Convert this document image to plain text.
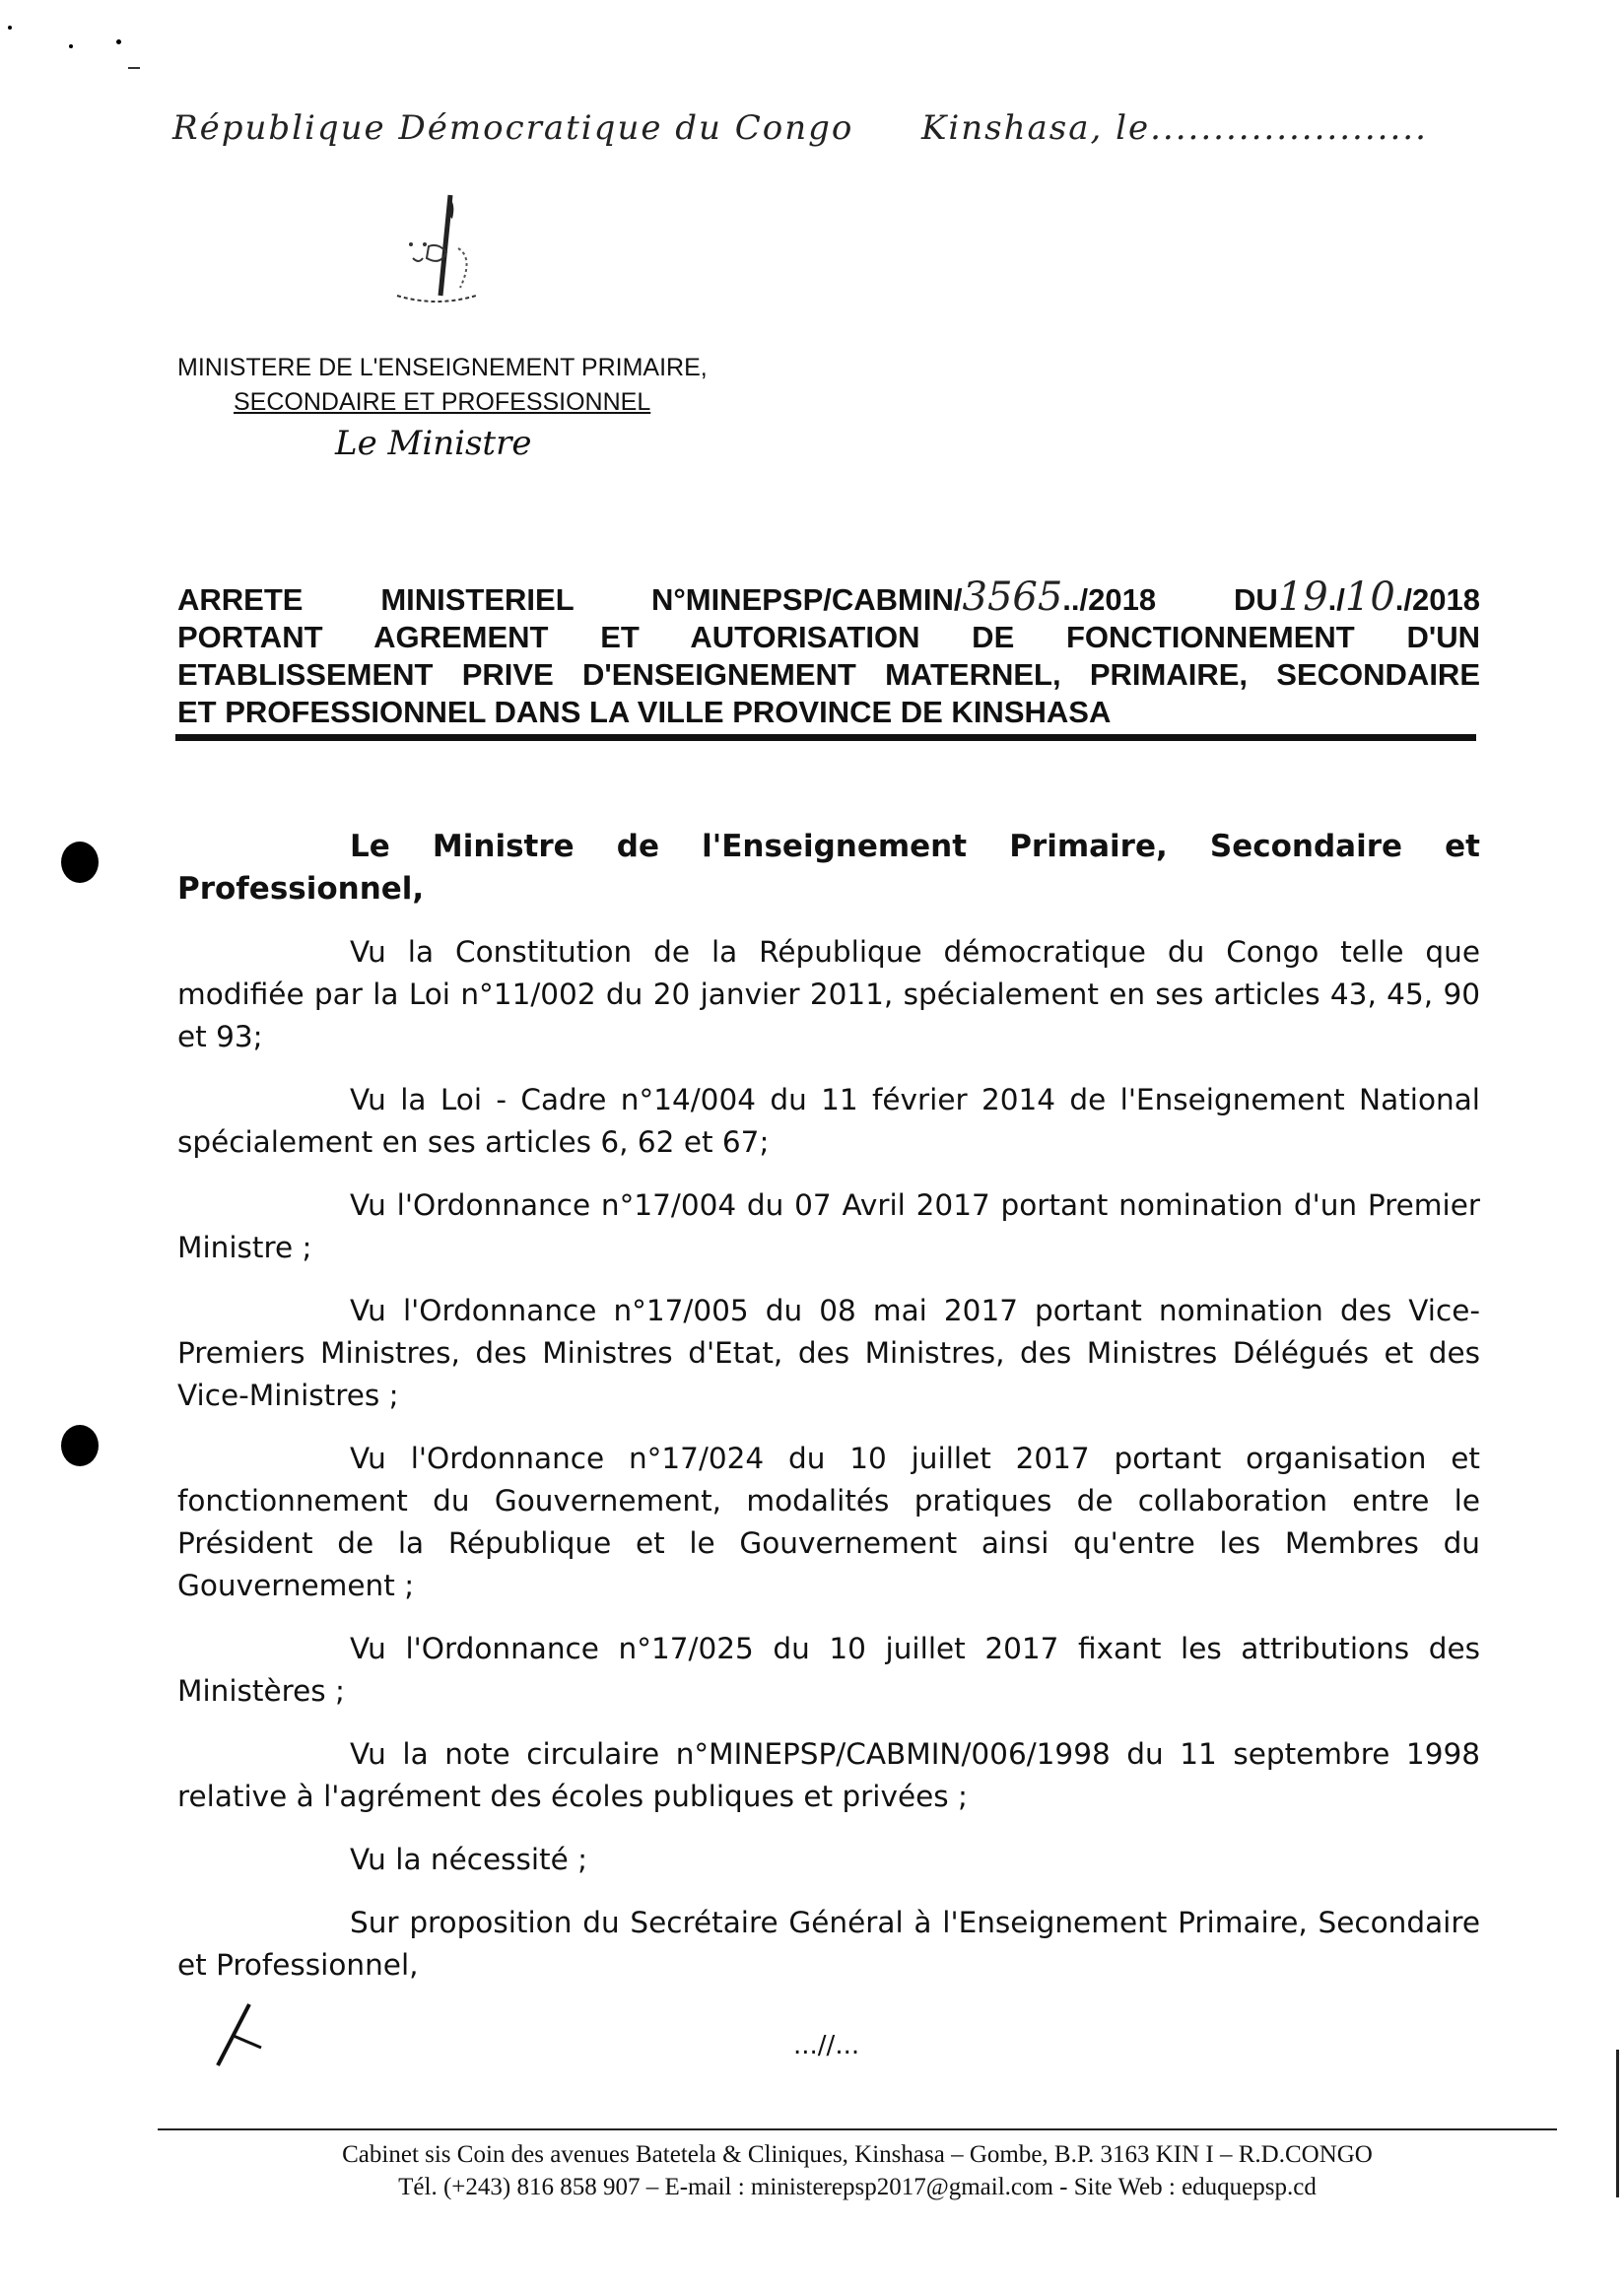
République Démocratique du Congo Kinshasa, le......................
MINISTERE DE L'ENSEIGNEMENT PRIMAIRE,
SECONDAIRE ET PROFESSIONNEL
Le Ministre
ARRETE MINISTERIEL N°MINEPSP/CABMIN/3565../2018 DU19./10./2018
PORTANT AGREMENT ET AUTORISATION DE FONCTIONNEMENT D'UN
ETABLISSEMENT PRIVE D'ENSEIGNEMENT MATERNEL, PRIMAIRE, SECONDAIRE
ET PROFESSIONNEL DANS LA VILLE PROVINCE DE KINSHASA

Le Ministre de l'Enseignement Primaire, Secondaire et Professionnel,

Vu la Constitution de la République démocratique du Congo telle que modifiée par la Loi n°11/002 du 20 janvier 2011, spécialement en ses articles 43, 45, 90 et 93;

Vu la Loi - Cadre n°14/004 du 11 février 2014 de l'Enseignement National spécialement en ses articles 6, 62 et 67;

Vu l'Ordonnance n°17/004 du 07 Avril 2017 portant nomination d'un Premier Ministre ;

Vu l'Ordonnance n°17/005 du 08 mai 2017 portant nomination des Vice-Premiers Ministres, des Ministres d'Etat, des Ministres, des Ministres Délégués et des Vice-Ministres ;

Vu l'Ordonnance n°17/024 du 10 juillet 2017 portant organisation et fonctionnement du Gouvernement, modalités pratiques de collaboration entre le Président de la République et le Gouvernement ainsi qu'entre les Membres du Gouvernement ;

Vu l'Ordonnance n°17/025 du 10 juillet 2017 fixant les attributions des Ministères ;

Vu la note circulaire n°MINEPSP/CABMIN/006/1998 du 11 septembre 1998 relative à l'agrément des écoles publiques et privées ;

Vu la nécessité ;

Sur proposition du Secrétaire Général à l'Enseignement Primaire, Secondaire et Professionnel,

...//...
Cabinet sis Coin des avenues Batetela & Cliniques, Kinshasa – Gombe, B.P. 3163 KIN I – R.D.CONGO
Tél. (+243) 816 858 907 – E-mail : ministerepsp2017@gmail.com - Site Web : eduquepsp.cd
